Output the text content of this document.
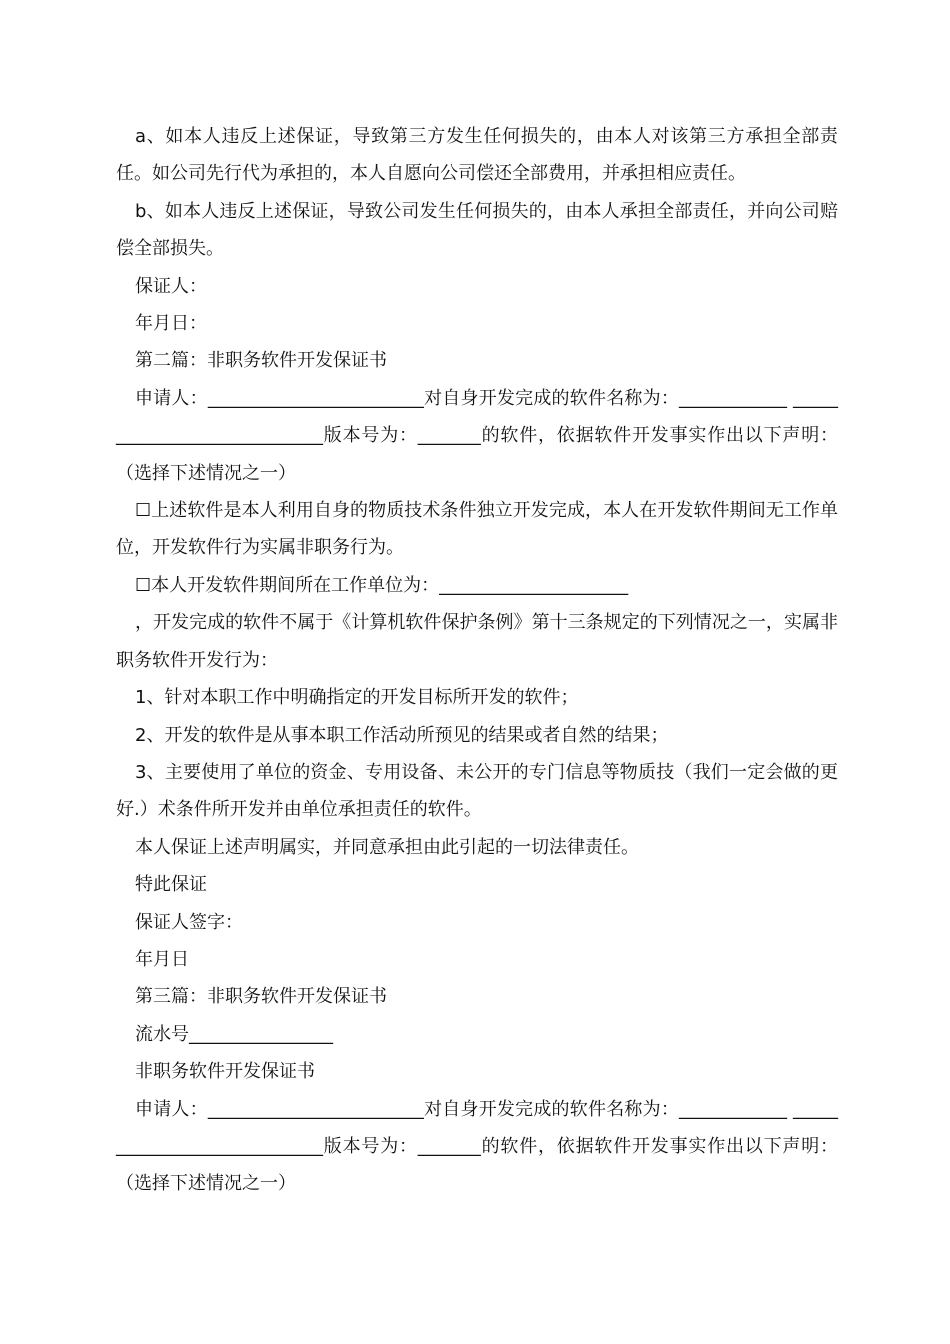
a、如本人违反上述保证，导致第三方发生任何损失的，由本人对该第三方承担全部责任。如公司先行代为承担的，本人自愿向公司偿还全部费用，并承担相应责任。

b、如本人违反上述保证，导致公司发生任何损失的，由本人承担全部责任，并向公司赔偿全部损失。

保证人：

年月日：

第二篇：非职务软件开发保证书

申请人：________________________对自身开发完成的软件名称为：____________ ____________________________版本号为：_______的软件，依据软件开发事实作出以下声明：（选择下述情况之一）

☐上述软件是本人利用自身的物质技术条件独立开发完成，本人在开发软件期间无工作单位，开发软件行为实属非职务行为。

☐本人开发软件期间所在工作单位为：_____________________

，开发完成的软件不属于《计算机软件保护条例》第十三条规定的下列情况之一，实属非职务软件开发行为：

1、针对本职工作中明确指定的开发目标所开发的软件；

2、开发的软件是从事本职工作活动所预见的结果或者自然的结果；

3、主要使用了单位的资金、专用设备、未公开的专门信息等物质技（我们一定会做的更好.）术条件所开发并由单位承担责任的软件。

本人保证上述声明属实，并同意承担由此引起的一切法律责任。

特此保证

保证人签字：

年月日

第三篇：非职务软件开发保证书

流水号________________

非职务软件开发保证书

申请人：________________________对自身开发完成的软件名称为：____________ ____________________________版本号为：_______的软件，依据软件开发事实作出以下声明：（选择下述情况之一）
